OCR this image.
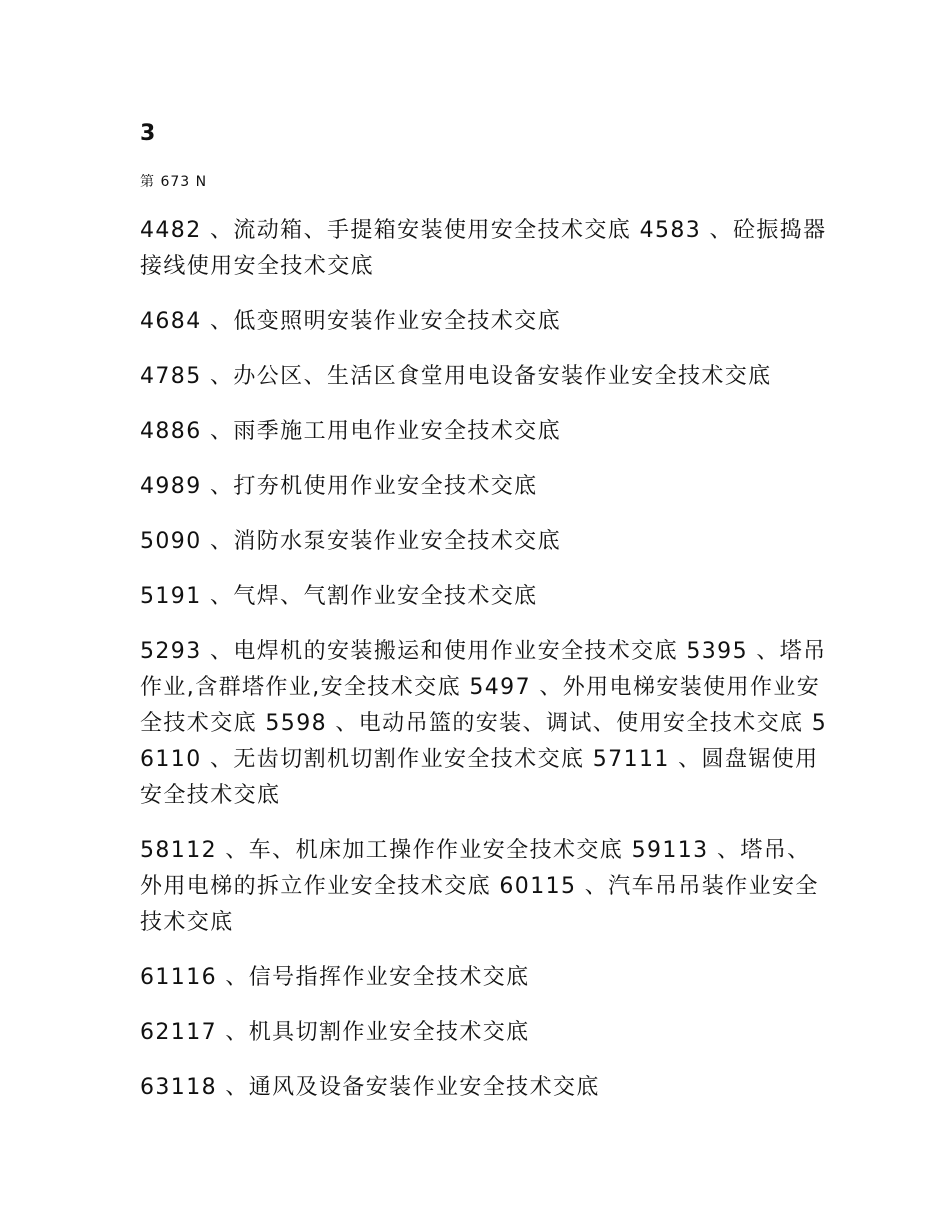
3
第 673 N

4482 、流动箱、手提箱安装使用安全技术交底 4583 、砼振捣器接线使用安全技术交底

4684 、低变照明安装作业安全技术交底

4785 、办公区、生活区食堂用电设备安装作业安全技术交底

4886 、雨季施工用电作业安全技术交底

4989 、打夯机使用作业安全技术交底

5090 、消防水泵安装作业安全技术交底

5191 、气焊、气割作业安全技术交底

5293 、电焊机的安装搬运和使用作业安全技术交底 5395 、塔吊作业,含群塔作业,安全技术交底 5497 、外用电梯安装使用作业安全技术交底 5598 、电动吊篮的安装、调试、使用安全技术交底 56110 、无齿切割机切割作业安全技术交底 57111 、圆盘锯使用安全技术交底

58112 、车、机床加工操作作业安全技术交底 59113 、塔吊、外用电梯的拆立作业安全技术交底 60115 、汽车吊吊装作业安全技术交底

61116 、信号指挥作业安全技术交底

62117 、机具切割作业安全技术交底

63118 、通风及设备安装作业安全技术交底
